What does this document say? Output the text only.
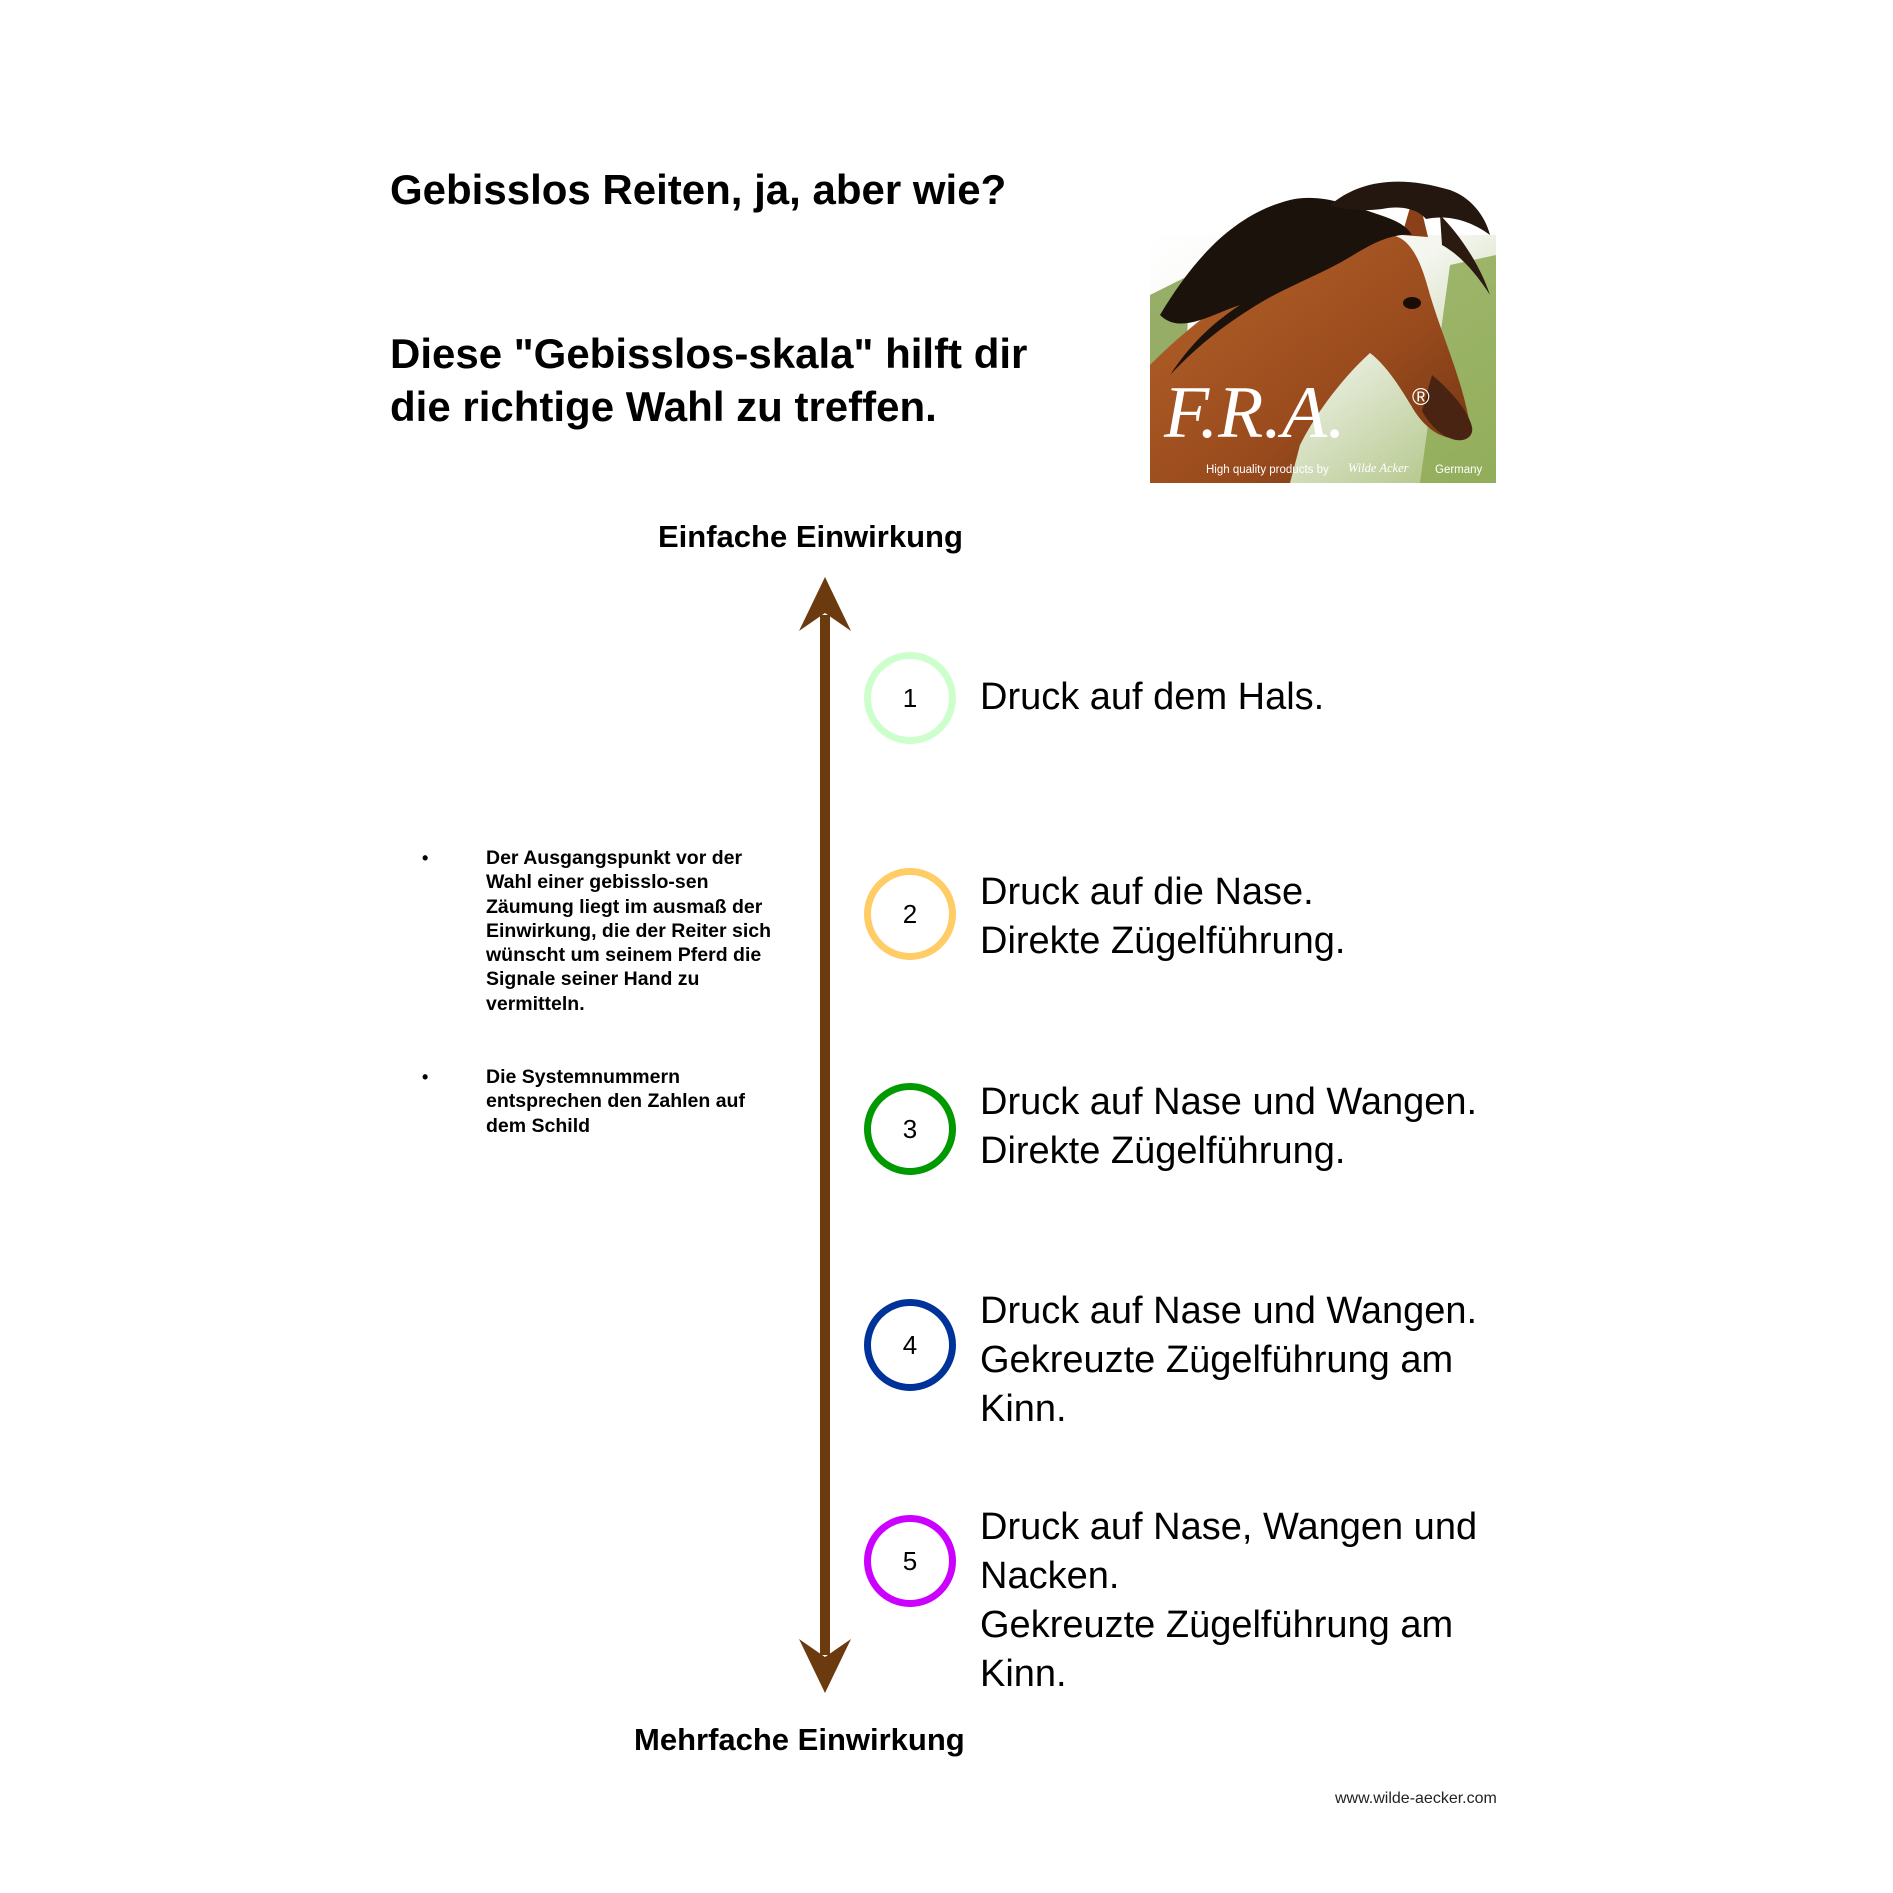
Gebisslos Reiten, ja, aber wie?
Diese "Gebisslos-skala" hilft dir
die richtige Wahl zu treffen.	F.R.A.	®
High quality products by Wilde Acker Germany
Einfache Einwirkung
•	Der Ausgangspunkt vor der Wahl einer gebisslo-sen Zäumung liegt im ausmaß der Einwirkung, die der Reiter sich wünscht um seinem Pferd die Signale seiner Hand zu vermitteln.
•	Die Systemnummern entsprechen den Zahlen auf dem Schild
1	Druck auf dem Hals.
2
Druck auf die Nase.
Direkte Zügelführung.
3
Druck auf Nase und Wangen.
Direkte Zügelführung.
4
Druck auf Nase und Wangen.
Gekreuzte Zügelführung am
Kinn.
5
Druck auf Nase, Wangen und
Nacken.
Gekreuzte Zügelführung am
Kinn.
Mehrfache Einwirkung
www.wilde-aecker.com
